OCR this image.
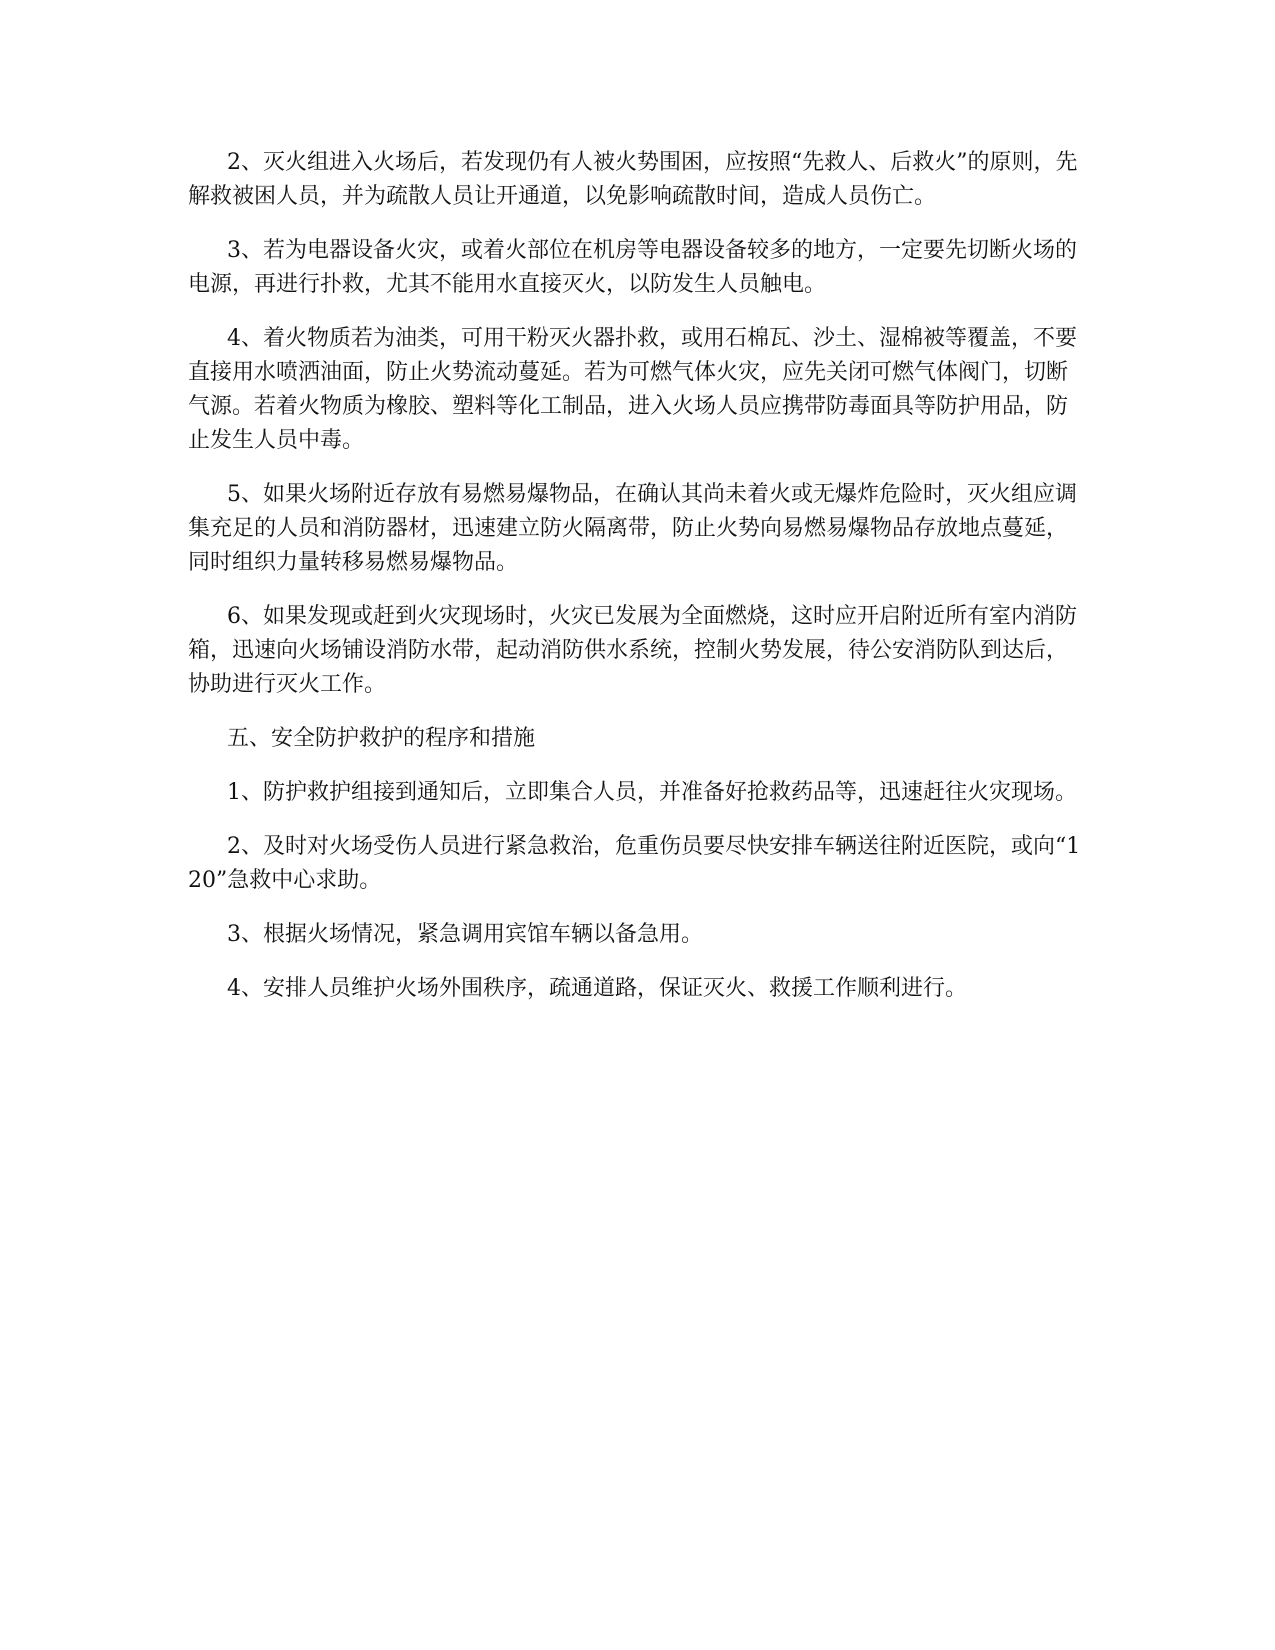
2、灭火组进入火场后，若发现仍有人被火势围困，应按照“先救人、后救火”的原则，先解救被困人员，并为疏散人员让开通道，以免影响疏散时间，造成人员伤亡。

3、若为电器设备火灾，或着火部位在机房等电器设备较多的地方，一定要先切断火场的电源，再进行扑救，尤其不能用水直接灭火，以防发生人员触电。

4、着火物质若为油类，可用干粉灭火器扑救，或用石棉瓦、沙土、湿棉被等覆盖，不要直接用水喷洒油面，防止火势流动蔓延。若为可燃气体火灾，应先关闭可燃气体阀门，切断气源。若着火物质为橡胶、塑料等化工制品，进入火场人员应携带防毒面具等防护用品，防止发生人员中毒。

5、如果火场附近存放有易燃易爆物品，在确认其尚未着火或无爆炸危险时，灭火组应调集充足的人员和消防器材，迅速建立防火隔离带，防止火势向易燃易爆物品存放地点蔓延，同时组织力量转移易燃易爆物品。

6、如果发现或赶到火灾现场时，火灾已发展为全面燃烧，这时应开启附近所有室内消防箱，迅速向火场铺设消防水带，起动消防供水系统，控制火势发展，待公安消防队到达后，协助进行灭火工作。

五、安全防护救护的程序和措施

1、防护救护组接到通知后，立即集合人员，并准备好抢救药品等，迅速赶往火灾现场。

2、及时对火场受伤人员进行紧急救治，危重伤员要尽快安排车辆送往附近医院，或向“120”急救中心求助。

3、根据火场情况，紧急调用宾馆车辆以备急用。

4、安排人员维护火场外围秩序，疏通道路，保证灭火、救援工作顺利进行。
